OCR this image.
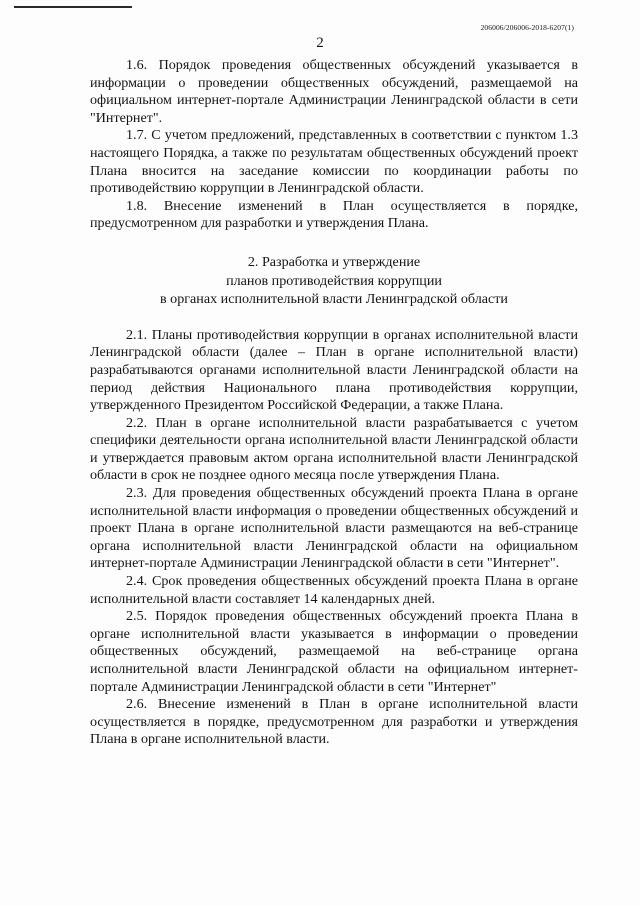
206006/206006-2018-6207(1)
2

1.6. Порядок проведения общественных обсуждений указывается в информации о проведении общественных обсуждений, размещаемой на официальном интернет-портале Администрации Ленинградской области в сети "Интернет".

1.7. С учетом предложений, представленных в соответствии с пунктом 1.3 настоящего Порядка, а также по результатам общественных обсуждений проект Плана вносится на заседание комиссии по координации работы по противодействию коррупции в Ленинградской области.

1.8. Внесение изменений в План осуществляется в порядке, предусмотренном для разработки и утверждения Плана.

2. Разработка и утверждение
планов противодействия коррупции
в органах исполнительной власти Ленинградской области

2.1. Планы противодействия коррупции в органах исполнительной власти Ленинградской области (далее – План в органе исполнительной власти) разрабатываются органами исполнительной власти Ленинградской области на период действия Национального плана противодействия коррупции, утвержденного Президентом Российской Федерации, а также Плана.

2.2. План в органе исполнительной власти разрабатывается с учетом специфики деятельности органа исполнительной власти Ленинградской области и утверждается правовым актом органа исполнительной власти Ленинградской области в срок не позднее одного месяца после утверждения Плана.

2.3. Для проведения общественных обсуждений проекта Плана в органе исполнительной власти информация о проведении общественных обсуждений и проект Плана в органе исполнительной власти размещаются на веб-странице органа исполнительной власти Ленинградской области на официальном интернет-портале Администрации Ленинградской области в сети "Интернет".

2.4. Срок проведения общественных обсуждений проекта Плана в органе исполнительной власти составляет 14 календарных дней.

2.5. Порядок проведения общественных обсуждений проекта Плана в органе исполнительной власти указывается в информации о проведении общественных обсуждений, размещаемой на веб-странице органа исполнительной власти Ленинградской области на официальном интернет-портале Администрации Ленинградской области в сети "Интернет"

2.6. Внесение изменений в План в органе исполнительной власти осуществляется в порядке, предусмотренном для разработки и утверждения Плана в органе исполнительной власти.
